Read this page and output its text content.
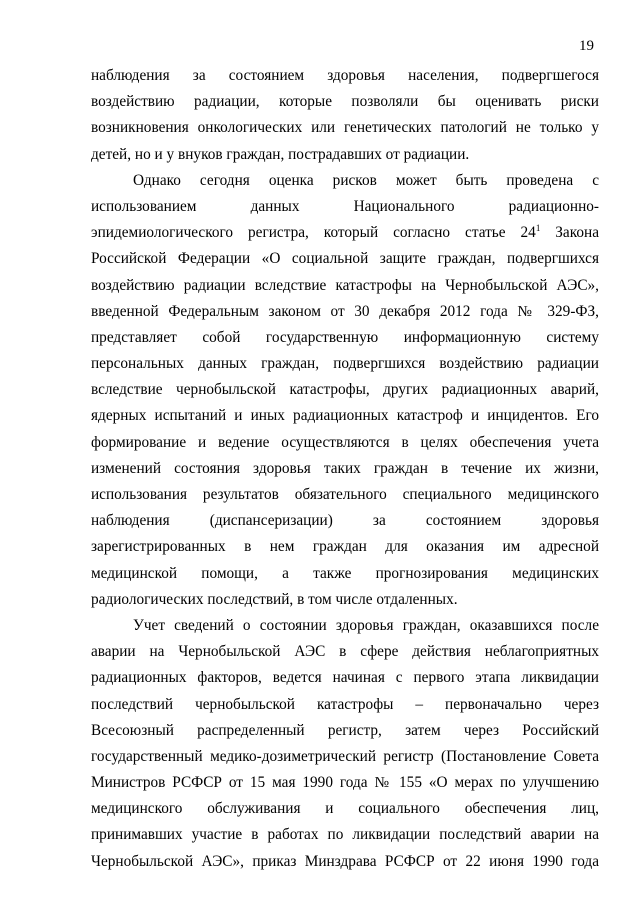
19
наблюдения за состоянием здоровья населения, подвергшегося
воздействию радиации, которые позволяли бы оценивать риски
возникновения онкологических или генетических патологий не только у
детей, но и у внуков граждан, пострадавших от радиации.
Однако сегодня оценка рисков может быть проведена с
использованием данных Национального радиационно-
эпидемиологического регистра, который согласно статье $24^1$ Закона
Российской Федерации «О социальной защите граждан, подвергшихся
воздействию радиации вследствие катастрофы на Чернобыльской АЭС»,
введенной Федеральным законом от 30 декабря 2012 года № 329-ФЗ,
представляет собой государственную информационную систему
персональных данных граждан, подвергшихся воздействию радиации
вследствие чернобыльской катастрофы, других радиационных аварий,
ядерных испытаний и иных радиационных катастроф и инцидентов. Его
формирование и ведение осуществляются в целях обеспечения учета
изменений состояния здоровья таких граждан в течение их жизни,
использования результатов обязательного специального медицинского
наблюдения (диспансеризации) за состоянием здоровья
зарегистрированных в нем граждан для оказания им адресной
медицинской помощи, а также прогнозирования медицинских
радиологических последствий, в том числе отдаленных.
Учет сведений о состоянии здоровья граждан, оказавшихся после
аварии на Чернобыльской АЭС в сфере действия неблагоприятных
радиационных факторов, ведется начиная с первого этапа ликвидации
последствий чернобыльской катастрофы – первоначально через
Всесоюзный распределенный регистр, затем через Российский
государственный медико-дозиметрический регистр (Постановление Совета
Министров РСФСР от 15 мая 1990 года № 155 «О мерах по улучшению
медицинского обслуживания и социального обеспечения лиц,
принимавших участие в работах по ликвидации последствий аварии на
Чернобыльской АЭС», приказ Минздрава РСФСР от 22 июня 1990 года
